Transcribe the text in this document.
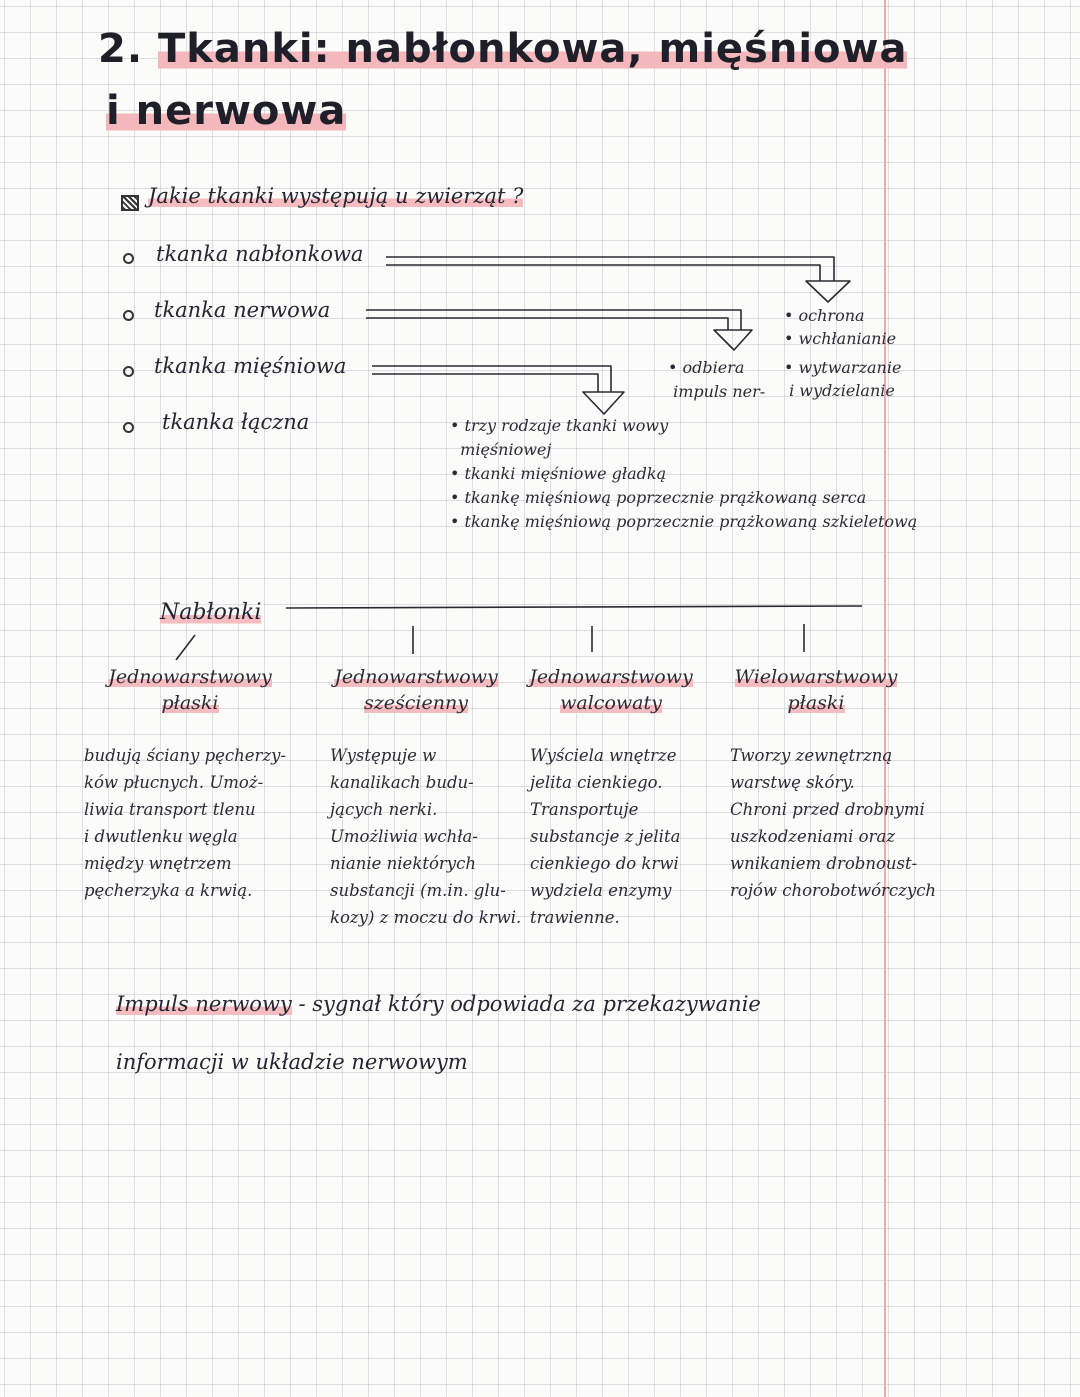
2. Tkanki: nabłonkowa, mięśniowa
i nerwowa
Jakie tkanki występują u zwierząt ?
tkanka nabłonkowa
tkanka nerwowa
tkanka mięśniowa
tkanka łączna
• ochrona
• wchłanianie
• wytwarzanie
i wydzielanie
• odbiera
impuls ner-
• trzy rodzaje tkanki wowy
mięśniowej
• tkanki mięśniowe gładką
• tkankę mięśniową poprzecznie prążkowaną serca
• tkankę mięśniową poprzecznie prążkowaną szkieletową
Nabłonki
Jednowarstwowy płaski
Jednowarstwowy sześcienny
Jednowarstwowy walcowaty
Wielowarstwowy płaski
budują ściany pęcherzy-
ków płucnych. Umoż-
liwia transport tlenu
i dwutlenku węgla
między wnętrzem
pęcherzyka a krwią.
Występuje w
kanalikach budu-
jących nerki.
Umożliwia wchła-
nianie niektórych
substancji (m.in. glu-
kozy) z moczu do krwi.
Wyściela wnętrze
jelita cienkiego.
Transportuje
substancje z jelita
cienkiego do krwi
wydziela enzymy
trawienne.
Tworzy zewnętrzną
warstwę skóry.
Chroni przed drobnymi
uszkodzeniami oraz
wnikaniem drobnoust-
rojów chorobotwórczych
Impuls nerwowy - sygnał który odpowiada za przekazywanie
informacji w układzie nerwowym
